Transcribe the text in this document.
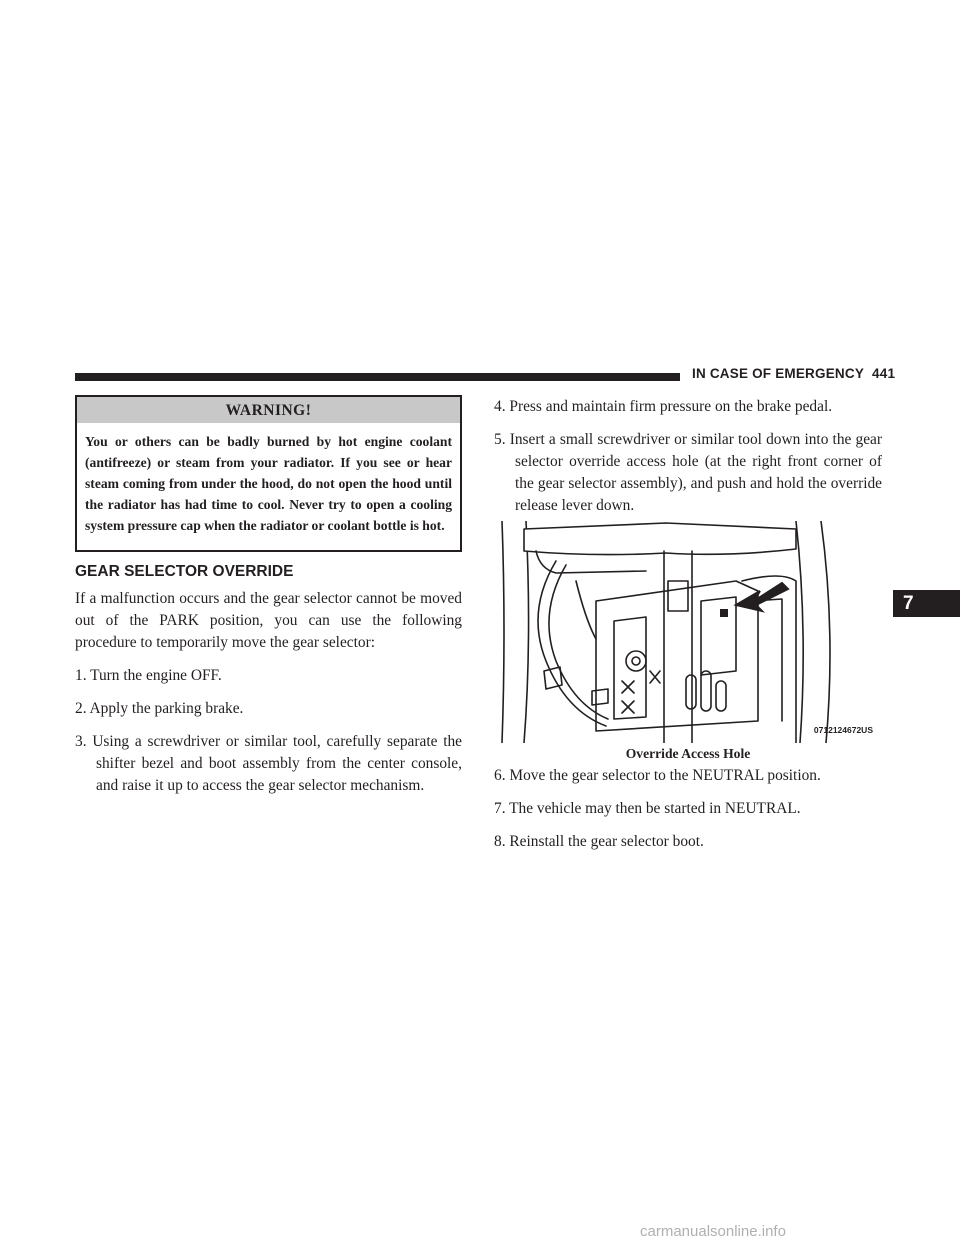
IN CASE OF EMERGENCY 441
7
WARNING!
You or others can be badly burned by hot engine coolant (antifreeze) or steam from your radiator. If you see or hear steam coming from under the hood, do not open the hood until the radiator has had time to cool. Never try to open a cooling system pressure cap when the radiator or coolant bottle is hot.
GEAR SELECTOR OVERRIDE

If a malfunction occurs and the gear selector cannot be moved out of the PARK position, you can use the following procedure to temporarily move the gear selector:

1. Turn the engine OFF.
2. Apply the parking brake.
3. Using a screwdriver or similar tool, carefully separate the shifter bezel and boot assembly from the center console, and raise it up to access the gear selector mechanism.
4. Press and maintain firm pressure on the brake pedal.
5. Insert a small screwdriver or similar tool down into the gear selector override access hole (at the right front corner of the gear selector assembly), and push and hold the override release lever down.
0712124672US
Override Access Hole
6. Move the gear selector to the NEUTRAL position.
7. The vehicle may then be started in NEUTRAL.
8. Reinstall the gear selector boot.
carmanualsonline.info
